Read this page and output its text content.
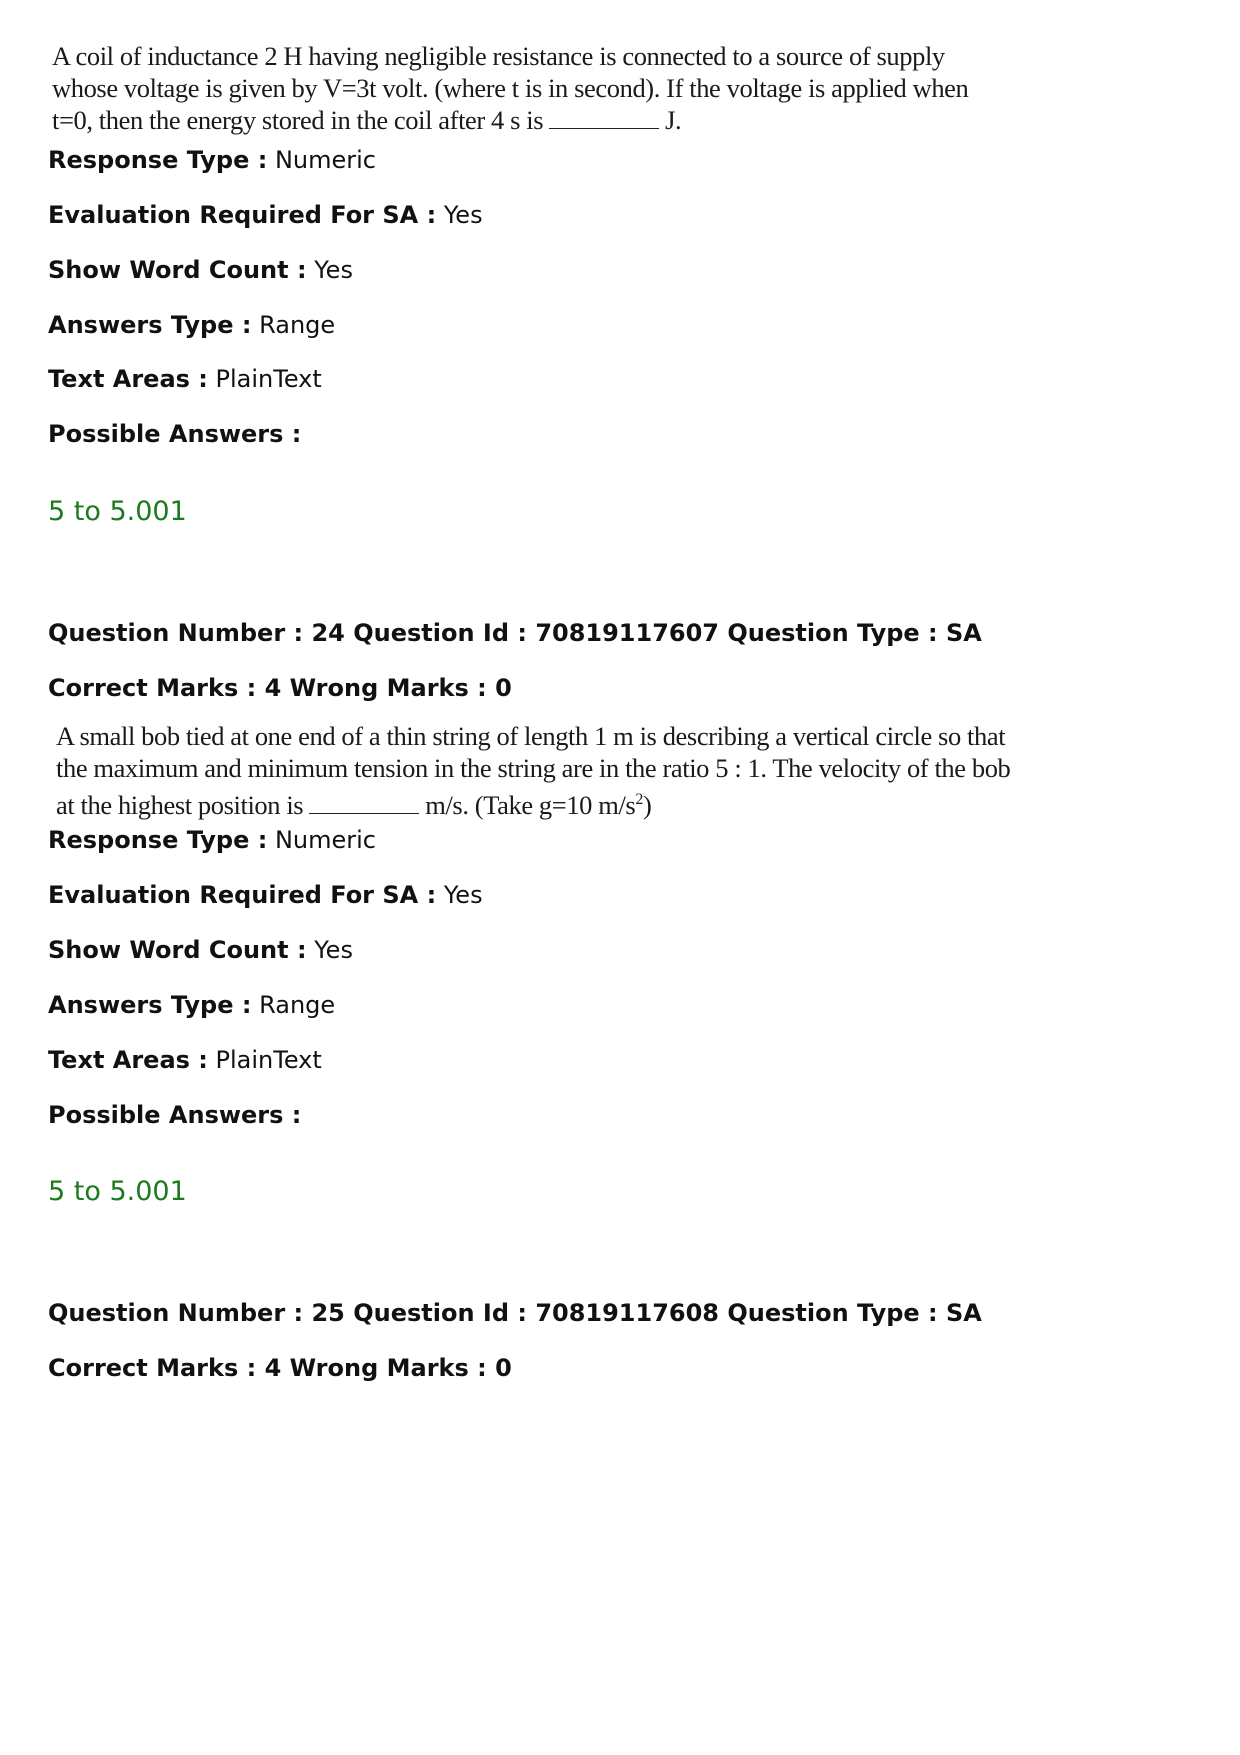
A coil of inductance 2 H having negligible resistance is connected to a source of supply
whose voltage is given by V=3t volt. (where t is in second). If the voltage is applied when
t=0, then the energy stored in the coil after 4 s is	J.
Response Type : Numeric
Evaluation Required For SA : Yes
Show Word Count : Yes
Answers Type : Range
Text Areas : PlainText
Possible Answers :
5 to 5.001
Question Number : 24 Question Id : 70819117607 Question Type : SA
Correct Marks : 4 Wrong Marks : 0
A small bob tied at one end of a thin string of length 1 m is describing a vertical circle so that
the maximum and minimum tension in the string are in the ratio 5 : 1. The velocity of the bob
at the highest position is	m/s. (Take g=10 $m/s^2$)
Response Type : Numeric
Evaluation Required For SA : Yes
Show Word Count : Yes
Answers Type : Range
Text Areas : PlainText
Possible Answers :
5 to 5.001
Question Number : 25 Question Id : 70819117608 Question Type : SA
Correct Marks : 4 Wrong Marks : 0
